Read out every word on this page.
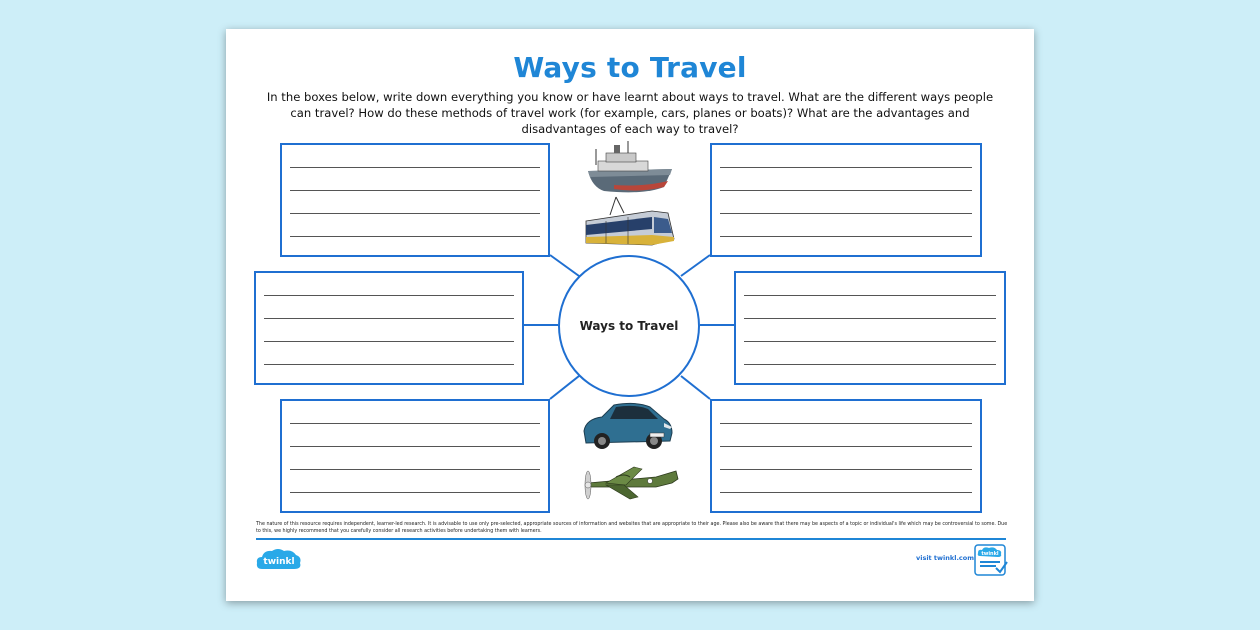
Ways to Travel
In the boxes below, write down everything you know or have learnt about ways to travel. What are the different ways people can travel? How do these methods of travel work (for example, cars, planes or boats)? What are the advantages and disadvantages of each way to travel?
Ways to Travel
The nature of this resource requires independent, learner-led research. It is advisable to use only pre-selected, appropriate sources of information and websites that are appropriate to their age. Please also be aware that there may be aspects of a topic or individual's life which may be controversial to some. Due to this, we highly recommend that you carefully consider all research activities before undertaking them with learners.
twinkl	visit twinkl.com twinkl
